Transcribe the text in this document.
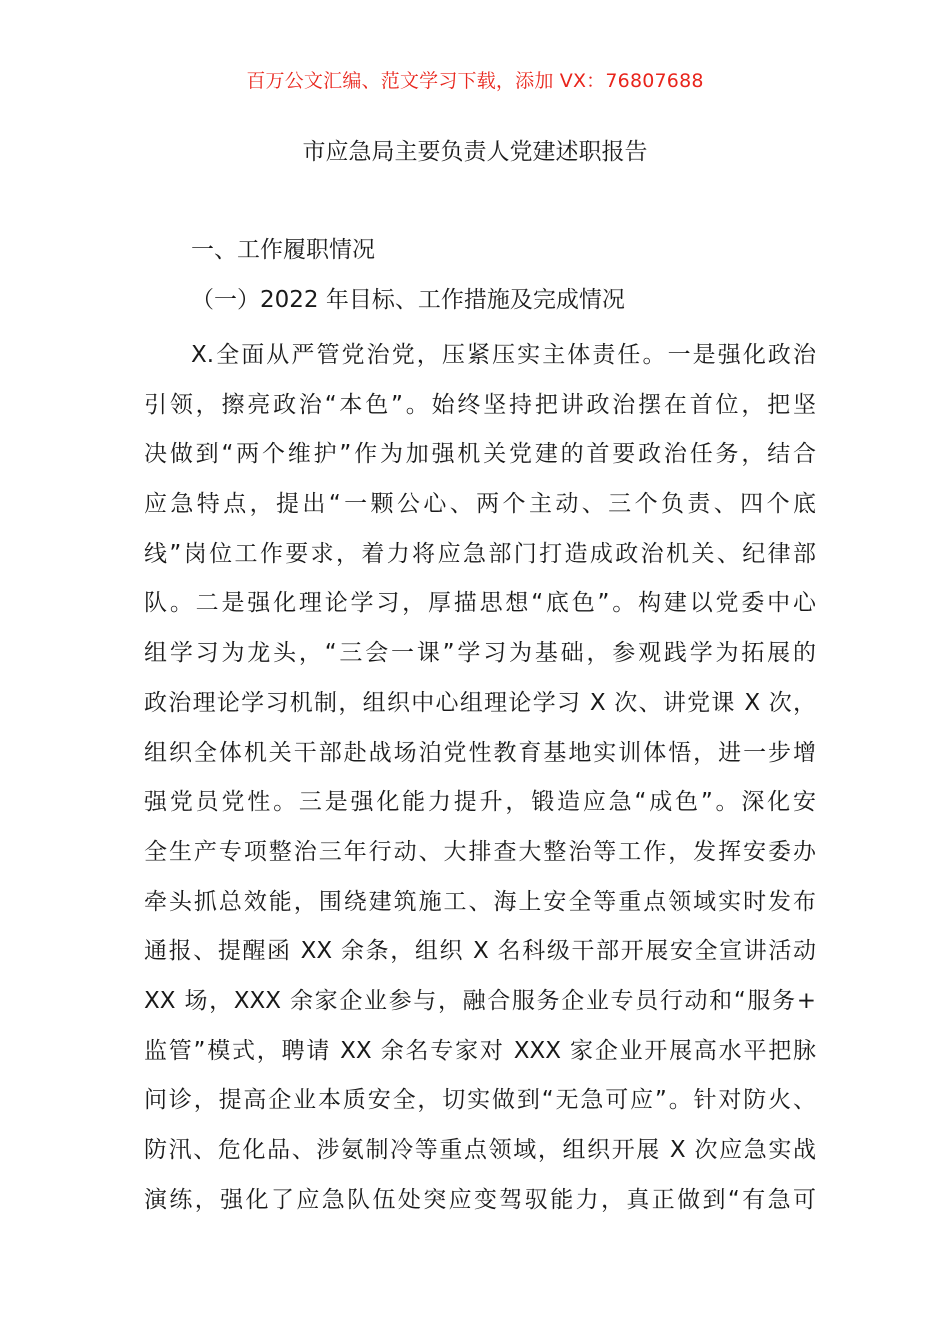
百万公文汇编、范文学习下载，添加 VX：76807688
市应急局主要负责人党建述职报告
一、工作履职情况
（一）2022 年目标、工作措施及完成情况
X.全面从严管党治党，压紧压实主体责任。一是强化政治
引领，擦亮政治“本色”。始终坚持把讲政治摆在首位，把坚
决做到“两个维护”作为加强机关党建的首要政治任务，结合
应急特点，提出“一颗公心、两个主动、三个负责、四个底
线”岗位工作要求，着力将应急部门打造成政治机关、纪律部
队。二是强化理论学习，厚描思想“底色”。构建以党委中心
组学习为龙头，“三会一课”学习为基础，参观践学为拓展的
政治理论学习机制，组织中心组理论学习 X 次、讲党课 X 次，
组织全体机关干部赴战场泊党性教育基地实训体悟，进一步增
强党员党性。三是强化能力提升，锻造应急“成色”。深化安
全生产专项整治三年行动、大排查大整治等工作，发挥安委办
牵头抓总效能，围绕建筑施工、海上安全等重点领域实时发布
通报、提醒函 XX 余条，组织 X 名科级干部开展安全宣讲活动
XX 场，XXX 余家企业参与，融合服务企业专员行动和“服务+
监管”模式，聘请 XX 余名专家对 XXX 家企业开展高水平把脉
问诊，提高企业本质安全，切实做到“无急可应”。针对防火、
防汛、危化品、涉氨制冷等重点领域，组织开展 X 次应急实战
演练，强化了应急队伍处突应变驾驭能力，真正做到“有急可
